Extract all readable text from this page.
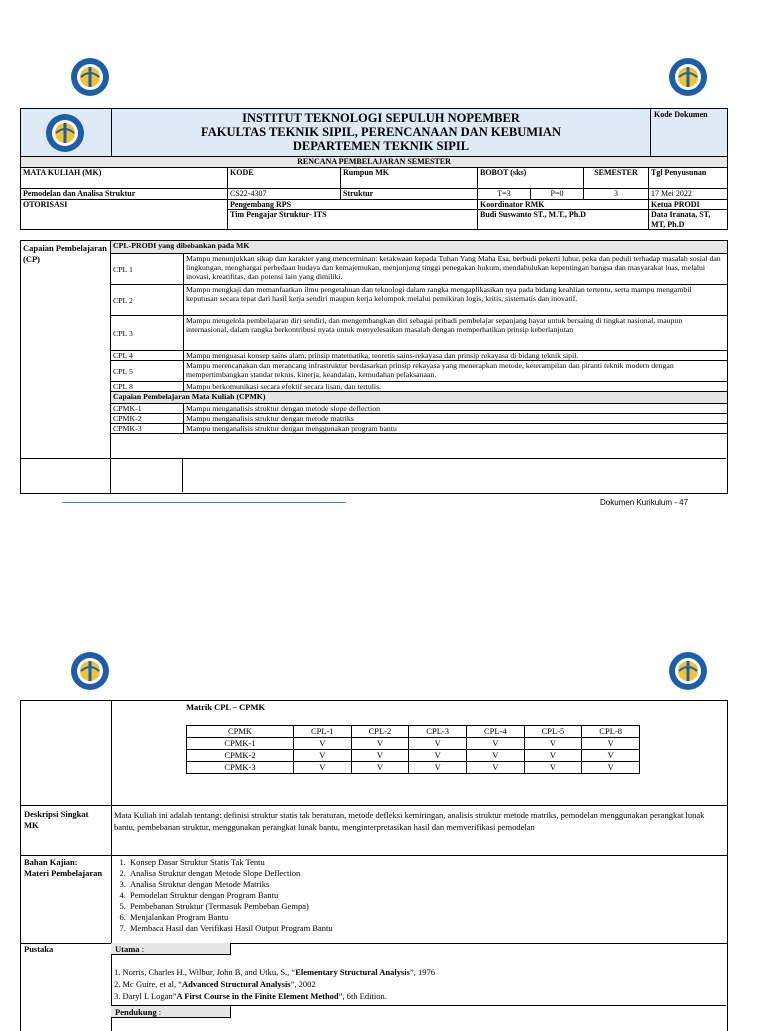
INSTITUT TEKNOLOGI SEPULUH NOPEMBER
FAKULTAS TEKNIK SIPIL, PERENCANAAN DAN KEBUMIAN
DEPARTEMEN TEKNIK SIPIL
Kode Dokumen
RENCANA PEMBELAJARAN SEMESTER						
MATA KULIAH (MK)	KODE	Rumpun MK	BOBOT (sks)		SEMESTER	Tgl Penyusunan
Pemodelan dan Analisa Struktur	CS22-4307	Struktur	T=3	P=0	3	17 Mei 2022
OTORISASI	Pengembang RPS		Koordinator RMK			Ketua PRODI
	Tim Pengajar Struktur- ITS		Budi Suswanto ST., M.T., Ph.D			Data Iranata, ST, MT, Ph.D
Capaian Pembelajaran (CP)
CPL-PRODI yang dibebankan pada MK	
CPL 1	Mampu menunjukkan sikap dan karakter yang mencerminan: ketakwaan kepada Tuhan Yang Maha Esa, berbudi pekerti luhur, peka dan peduli terhadap masalah sosial dan lingkungan, menghargai perbedaan budaya dan kemajemukan, menjunjung tinggi penegakan hukum, mendahulukan kepentingan bangsa dan masyarakat luas, melalui inovasi, kreatifitas, dan potensi lain yang dimiliki.
CPL 2	Mampu mengkaji dan memanfaatkan ilmu pengetahuan dan teknologi dalam rangka mengaplikasikan nya pada bidang keahlian tertentu, serta mampu mengambil keputusan secara tepat dari hasil kerja sendiri maupun kerja kelompok melalui pemikiran logis, kritis, sistematis dan inovatif.
CPL 3	Mampu mengelola pembelajaran diri sendiri, dan mengembangkan diri sebagai pribadi pembelajar sepanjang hayat untuk bersaing di tingkat nasional, maupun internasional, dalam rangka berkontribusi nyata untuk menyelesaikan masalah dengan memperhatikan prinsip keberlanjutan
CPL 4	Mampu menguasai konsep sains alam, prinsip matematika, teoretis sains-rekayasa dan prinsip rekayasa di bidang teknik sipil.
CPL 5	Mampu merencanakan dan merancang infrastruktur berdasarkan prinsip rekayasa yang menerapkan metode, keterampilan dan piranti teknik modern dengan mempertimbangkan standar teknis, kinerja, keandalan, kemudahan pelaksanaan.
CPL 8	Mampu berkomunikasi secara efektif secara lisan, dan tertulis.
Capaian Pembelajaran Mata Kuliah (CPMK)	
CPMK-1	Mampu menganalisis struktur dengan metode slope deflection
CPMK-2	Mampu menganalisis struktur dengan metode matriks
CPMK-3	Mampu menganalisis struktur dengan menggunakan program bantu
Dokumen Kurikulum - 47
Matrik CPL – CPMK
CPMK	CPL-1	CPL-2	CPL-3	CPL-4	CPL-5	CPL-8
CPMK-1	V	V	V	V	V	V
CPMK-2	V	V	V	V	V	V
CPMK-3	V	V	V	V	V	V
Deskripsi Singkat MK
Mata Kuliah ini adalah tentang: definisi struktur statis tak beraturan, metode defleksi kemiringan, analisis struktur metode matriks, pemodelan menggunakan perangkat lunak bantu, pembebanan struktur, menggunakan perangkat lunak bantu, menginterpretasikan hasil dan memverifikasi pemodelan
Bahan Kajian: Materi Pembelajaran
1. Konsep Dasar Struktur Statis Tak Tentu
2. Analisa Struktur dengan Metode Slope Deflection
3. Analisa Struktur dengan Metode Matriks
4. Pemodelan Struktur dengan Program Bantu
5. Pembebanan Struktur (Termasuk Pembeban Gempa)
6. Menjalankan Program Bantu
7. Membaca Hasil dan Verifikasi Hasil Output Program Bantu
Pustaka	Utama :
1. Norris, Charles H., Wilbur, John B, and Utku, S., “Elementary Structural Analysis”, 1976
2. Mc Guire, et al, “Advanced Structural Analysis”, 2002
3. Daryl L Logan”A First Course in the Finite Element Method”, 6th Edition.
Pendukung :
